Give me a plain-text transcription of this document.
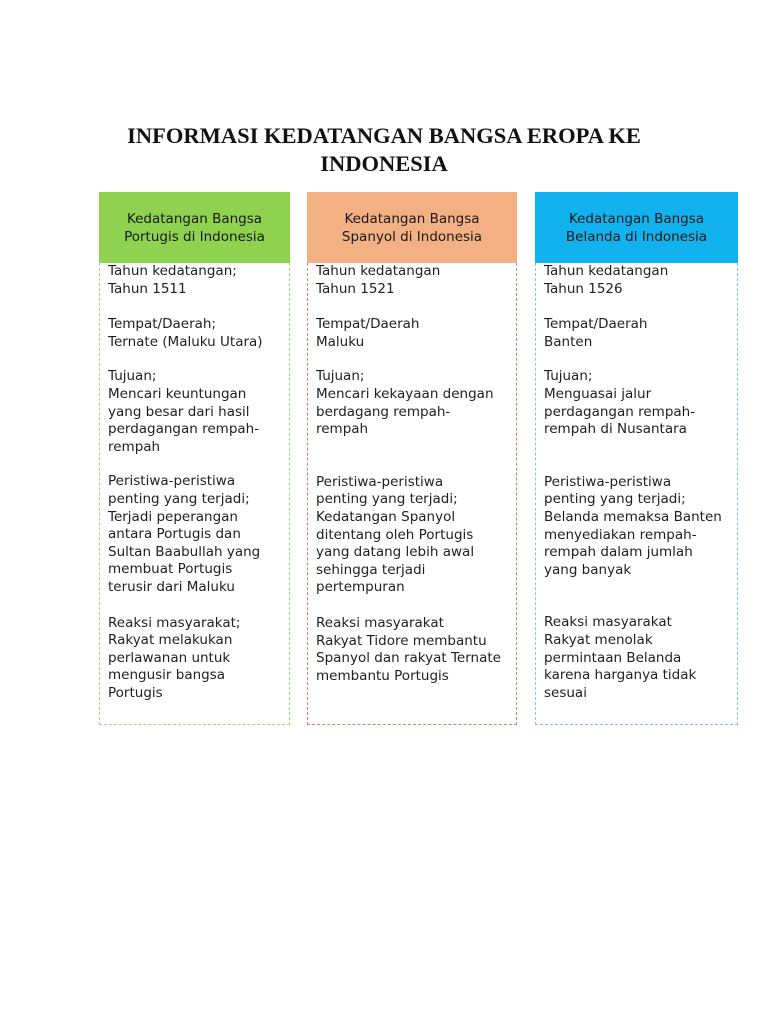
INFORMASI KEDATANGAN BANGSA EROPA KE
INDONESIA
Kedatangan Bangsa
Portugis di Indonesia
Tahun kedatangan;
Tahun 1511
Tempat/Daerah;
Ternate (Maluku Utara)
Tujuan;
Mencari keuntungan
yang besar dari hasil
perdagangan rempah-
rempah
Peristiwa-peristiwa
penting yang terjadi;
Terjadi peperangan
antara Portugis dan
Sultan Baabullah yang
membuat Portugis
terusir dari Maluku
Reaksi masyarakat;
Rakyat melakukan
perlawanan untuk
mengusir bangsa
Portugis
Kedatangan Bangsa
Spanyol di Indonesia
Tahun kedatangan
Tahun 1521
Tempat/Daerah
Maluku
Tujuan;
Mencari kekayaan dengan
berdagang rempah-
rempah
Peristiwa-peristiwa
penting yang terjadi;
Kedatangan Spanyol
ditentang oleh Portugis
yang datang lebih awal
sehingga terjadi
pertempuran
Reaksi masyarakat
Rakyat Tidore membantu
Spanyol dan rakyat Ternate
membantu Portugis
Kedatangan Bangsa
Belanda di Indonesia
Tahun kedatangan
Tahun 1526
Tempat/Daerah
Banten
Tujuan;
Menguasai jalur
perdagangan rempah-
rempah di Nusantara
Peristiwa-peristiwa
penting yang terjadi;
Belanda memaksa Banten
menyediakan rempah-
rempah dalam jumlah
yang banyak
Reaksi masyarakat
Rakyat menolak
permintaan Belanda
karena harganya tidak
sesuai
